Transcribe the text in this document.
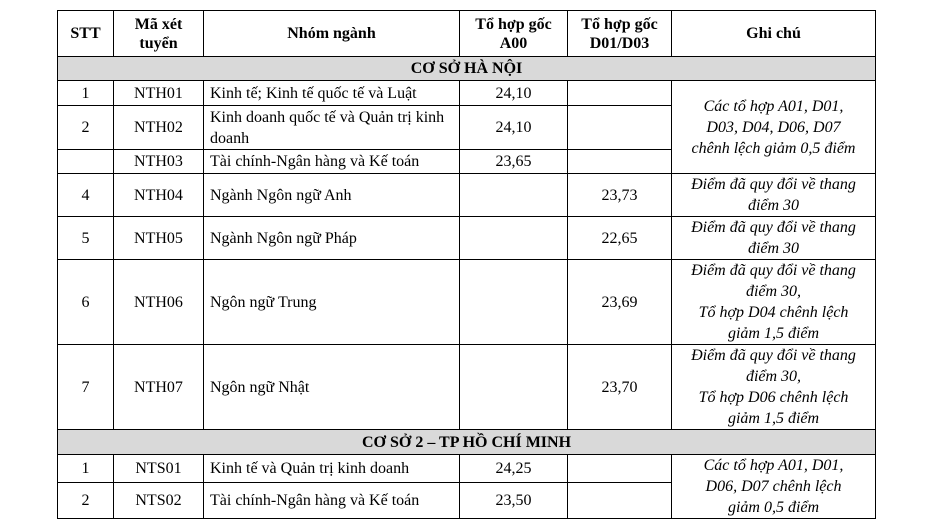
STT	Mã xét tuyển	Nhóm ngành	Tổ hợp gốc A00	Tổ hợp gốc D01/D03	Ghi chú
CƠ SỞ HÀ NỘI					
1	NTH01	Kinh tế; Kinh tế quốc tế và Luật	24,10		Các tổ hợp A01, D01,
D03, D04, D06, D07
chênh lệch giảm 0,5 điểm

2	NTH02	Kinh doanh quốc tế và Quản trị kinh doanh	24,10		
	NTH03	Tài chính-Ngân hàng và Kế toán	23,65		
4	NTH04	Ngành Ngôn ngữ Anh		23,73	Điểm đã quy đổi về thang
điểm 30

5	NTH05	Ngành Ngôn ngữ Pháp		22,65	Điểm đã quy đổi về thang
điểm 30

6	NTH06	Ngôn ngữ Trung		23,69	Điểm đã quy đổi về thang
điểm 30,
Tổ hợp D04 chênh lệch
giảm 1,5 điểm

7	NTH07	Ngôn ngữ Nhật		23,70	Điểm đã quy đổi về thang
điểm 30,
Tổ hợp D06 chênh lệch
giảm 1,5 điểm

CƠ SỞ 2 – TP HỒ CHÍ MINH					
1	NTS01	Kinh tế và Quản trị kinh doanh	24,25		Các tổ hợp A01, D01,
D06, D07 chênh lệch
giảm 0,5 điểm

2	NTS02	Tài chính-Ngân hàng và Kế toán	23,50		
